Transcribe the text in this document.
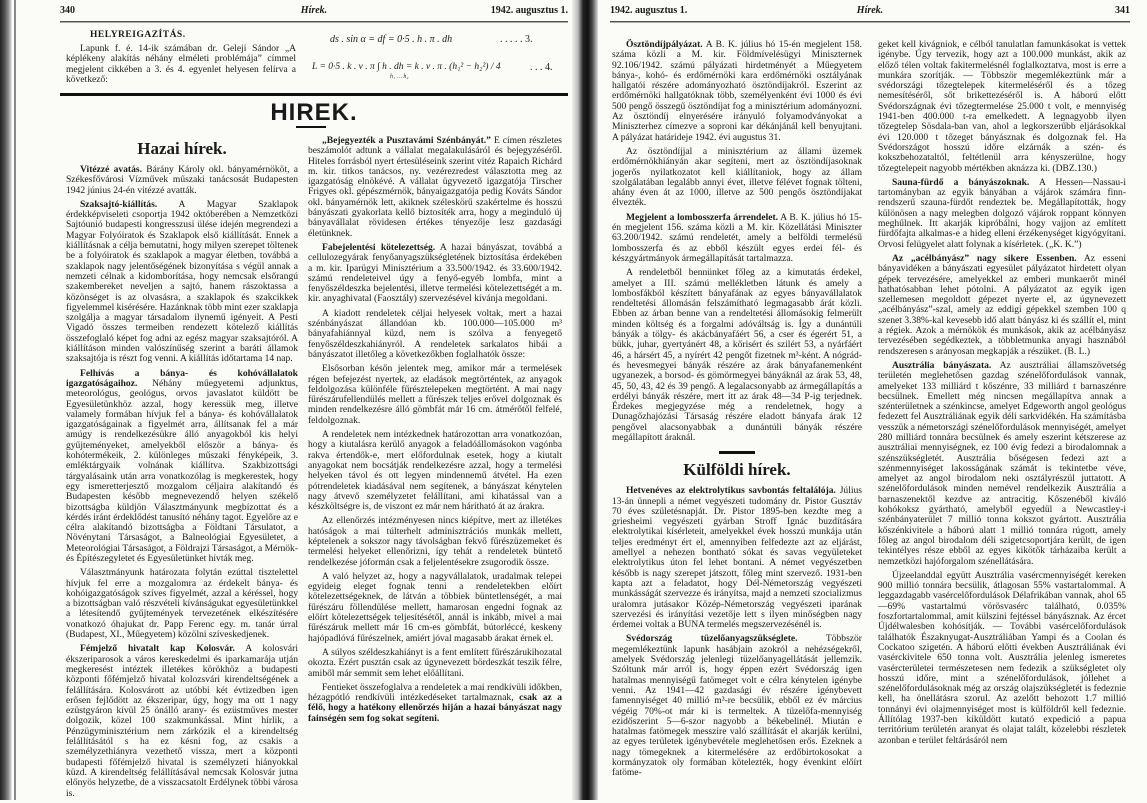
340	Hírek.	1942. augusztus 1.
HELYREIGAZÍTÁS.
Lapunk f. é. 14-ik számában dr. Geleji Sándor „A képlékeny alakítás néhány elméleti problémája” címmel megjelent cikkében a 3. és 4. egyenlet helyesen felírva a következő:
ds . sin α = df = 0·5 . h . π . dh	. . . . . 3.
L = 0·5 . k . v . π ∫ h . dh = k . v . π . (h₁² − h₂²) / 4
h₁ … h₂
. . . 4.
HIREK.
Hazai hírek.

Vitézzé avatás. Bárány Károly okl. bányamérnököt, a Székesfővárosi Vízművek műszaki tanácsosát Budapesten 1942 június 24-én vitézzé avatták.

Szaksajtó-kiállítás. A Magyar Szaklapok érdekképviseleti csoportja 1942 októberében a Nemzetközi Sajtóunió budapesti kongresszusi ülése idején megrendezi a Magyar Folyóiratok és Szaklapok első kiállítását. Ennek a kiállításnak a célja bemutatni, hogy milyen szerepet töltenek be a folyóiratok és szaklapok a magyar életben, továbbá a szaklapok nagy jelentőségének bizonyítása s végül annak a nemzeti célnak a kidomborítása, hogy nemcsak elsőrangú szakembereket neveljen a sajtó, hanem rászoktassa a közönséget is az olvasásra, a szaklapok és szakcikkek figyelemmel kisérésére. Hazánknak több mint ezer szaklapja szolgálja a magyar társadalom ilynemű igényeit. A Pesti Vigadó összes termeiben rendezett kötelező kiállítás összefoglaló képet fog adni az egész magyar szaksajtóról. A kiállításon minden valószínűség szerint a baráti államok szaksajtója is részt fog venni. A kiállítás időtartama 14 nap.

Felhívás a bánya- és kohóvállalatok igazgatóságaihoz. Néhány műegyetemi adjunktus, meteorológus, geológus, orvos javaslatot küldött be Egyesületünkhöz azzal, hogy keressük meg, illetve valamely formában hívjuk fel a bánya- és kohóvállalatok igazgatóságainak a figyelmét arra, állítsanak fel a már amúgy is rendelkezésükre álló anyagokból kis helyi gyűjteményeket, amelyekből először a bánya- és kohótermékeik, 2. különleges műszaki fényképeik, 3. emléktárgyaik volnának kiállítva. Szakbizottsági tárgyalásaink után arra vonatkozólag is megkerestek, hogy egy ismeretterjesztő mozgalom céljaira alakítandó és Budapesten később megnevezendő helyen székelő bizottságba küldjön Választmányunk megbízottat és a kérdés iránt érdeklődést tanusító néhány tagot. Egyelőre az e célra alakítandó bizottságba a Földtani Társulatot, a Növénytani Társaságot, a Balneológiai Egyesületet, a Meteorológiai Társaságot, a Földrajzi Társaságot, a Mérnök- és Építészegyletet és Egyesületünket hívták meg.

Választmányunk határozata folytán ezúttal tisztelettel hívjuk fel erre a mozgalomra az érdekelt bánya- és kohóigazgatóságok szíves figyelmét, azzal a kéréssel, hogy a bizottságban való részvételi kívánságukat egyesületünkkel a létesítendő gyűjtemények tervezetének elkészítésére vonatkozó óhajukat dr. Papp Ferenc egy. m. tanár úrral (Budapest, XI., Műegyetem) közölni szíveskedjenek.

Fémjelző hivatalt kap Kolosvár. A kolosvári ékszeriparosok a város kereskedelmi és iparkamarája utján megkeresést intéztek illetékes körökhöz a budapesti központi főfémjelző hivatal kolozsvári kirendeltségének a felállítására. Kolosvárott az utóbbi két évtizedben igen erősen fejlődött az ékszeripar, úgy, hogy ma ott 1 nagy ezüstgyáron kívül 25 önálló arany- és ezüstműves mester dolgozik, közel 100 szakmunkással. Mint hírlik, a Pénzügyminisztérium nem zárkózik el a kirendeltség felállításától s ha ez késni fog, az csakis a személyzethiányra vezethető vissza, mert a központi budapesti főfémjelző hivatal is személyzeti hiányokkal küzd. A kirendeltség felállításával nemcsak Kolosvár jutna előnyös helyzetbe, de a visszacsatolt Erdélynek többi városa is.

„Bejegyezték a Pusztavámi Szénbányát.” E címen részletes beszámolót adtunk a vállalat megalakulásáról és bejegyzéséről. Hiteles forrásból nyert értesüléseink szerint vitéz Rapaich Richárd m. kir. titkos tanácsos, ny. vezérezredest választotta meg az igazgatóság elnökévé. A vállalat ügyvezető igazgatója Tirscher Frigyes okl. gépészmérnök, bányaigazgatója pedig Kováts Sándor okl. bányamérnök lett, akiknek széleskörű szakértelme és hosszú bányászati gyakorlata kellő biztosíték arra, hogy a meginduló új bányavállalat rövidesen értékes tényezője lesz gazdasági életünknek.

Fabejelentési kötelezettség. A hazai bányászat, továbbá a cellulozegyárak fenyőanyagszükségletének biztosítása érdekében a m. kir. Iparügyi Minisztérium a 33.500/1942. és 33.600/1942. számú rendeleteivel úgy a fenyő-egyéb lombfa, mint a fenyőszéldeszka bejelentési, illetve termelési kötelezettségét a m. kir. anyaghivatal (Faosztály) szervezésével kívánja megoldani.

A kiadott rendeletek céljai helyesek voltak, mert a hazai szénbányászat állandóan kb. 100.000—105.000 m³ bányafahiánnyal küzd, nem is szólva a fenyegető fenyőszéldeszkahiányról. A rendeletek sarkalatos hibái a bányászatot illetőleg a következőkben foglalhatók össze:

Elsősorban későn jelentek meg, amikor már a termelések régen befejezést nyertek, az eladások megtörténtek, az anyagok feldolgozása különféle fűrésztelepeken megtörtént. A mai nagy fűrészárufellendülés mellett a fűrészek teljes erővel dolgoznak és minden rendelkezésre álló gömbfát már 16 cm. átmérőtől felfelé, feldolgoznak.

A rendeletek nem intézkednek határozottan arra vonatkozóan, hogy a kiutalásra kerülő anyagok a feladóállomásokon vagónba rakva értendők-e, mert előfordulnak esetek, hogy a kiutalt anyagokat nem bocsátják rendelkezésre azzal, hogy a termelési helyeken távol és ott legyen mindennemű átvétel. Ha ezen pótrendeletek kiadásával nem segítenek, a bányászat kénytelen nagy átvevő személyzetet felállítani, ami kihatással van a készköltségre is, de viszont ez már nem hárítható át az árakra.

Az ellenőrzés intézményesen nincs kiépítve, mert az illetékes hatóságok a mai túlterhelt adminisztrációs munkák mellett, képtelenek a sokszor nagy távolságban fekvő fűrészüzemeket és termelési helyeket ellenőrizni, így tehát a rendeletek büntető rendelkezése jóformán csak a feljelentésekre zsugorodik össze.

A való helyzet az, hogy a nagyvállalatok, uradalmak telepei egyideig eleget fognak tenni a rendeletekben előírt kötelezettségeknek, de látván a többiek büntetlenségét, a mai fűrészáru föllendülése mellett, hamarosan engedni fognak az előírt kötelezettségek teljesítésétől, annál is inkább, mivel a mai fűrészáruk mellett már 16 cm-es gömbfát, bútorléccé, keskeny hajópadlóvá fűrészelnek, amiért jóval magasabb árakat érnek el.

A súlyos széldeszkahiányt is a fent említett fűrészárukihozatal okozta. Ezért pusztán csak az úgynevezett bördeszkát teszik félre, amiből már semmit sem lehet előállítani.

Fentieket összefoglalva a rendeletek a mai rendkívüli időkben, hézagpótló rendkívüli intézkedéseket tartalmaznak, csak az a félő, hogy a hatékony ellenőrzés hiján a hazai bányászat nagy fainségén sem fog sokat segíteni.

1942. augusztus 1.	Hírek.	341

Ösztöndíjpályázat. A B. K. július hó 15-én megjelent 158. száma közli a M. kir. Földmívelésügyi Miniszternek 92.106/1942. számú pályázati hirdetményét a Műegyetem bánya-, kohó- és erdőmérnöki kara erdőmérnöki osztályának hallgatói részére adományozható ösztöndíjakról. Eszerint az erdőmérnöki hallgatóknak több, személyenként évi 1000 és évi 500 pengő összegű ösztöndíjat fog a minisztérium adományozni. Az ösztöndíj elnyerésére irányuló folyamodványokat a Miniszterhez címezve a soproni kar dékánjánál kell benyujtani. A pályázat határideje 1942. évi augustus 31.

Az ösztöndíjjal a minisztérium az állami üzemek erdőmérnökhiányán akar segíteni, mert az ösztöndíjasoknak jogerős nyilatkozatot kell kiállítaniok, hogy az állam szolgálatában legalább annyi évet, illetve félévet fognak tölteni, ahány éven át az 1000, illetve az 500 pengős ösztöndíjakat élvezték.

Megjelent a lombosszerfa árrendelet. A B. K. július hó 15-én megjelent 156. száma közli a M. kir. Közellátási Miniszter 63.200/1942. számú rendeletét, amely a belföldi termelésű lombosszerfa és az ebből készült egyes erdei fél- és készgyártmányok ármegállapítását tartalmazza.

A rendeletből bennünket főleg az a kimutatás érdekel, amelyet a III. számú mellékletben látunk és amely a lombosfákból készített bányafának az egyes bányavállalatok rendeltetési állomásán felszámítható legmagasabb árát közli. Ebben az árban benne van a rendeltetési állomásokig felmerült minden költség és a forgalmi adóváltság is. Így a dunántúli bányák a tölgy- és akácbányafáért 56, a cser és égerért 51, a bükk, juhar, gyertyánért 48, a kőrisért és szilért 53, a nyárfáért 46, a hársért 45, a nyírért 42 pengőt fizetnek m³-ként. A nógrád- és hevesmegyei bányák részére az árak bányafanemenként ugyanezek, a borsod- és gömörmegyei bányáknál az árak 53, 48, 45, 50, 43, 42 és 39 pengő. A legalacsonyabb az ármegállapítás a erdélyi bányák részére, mert itt az árak 48—34 P-ig terjednek. Érdekes megjegyzése még a rendeletnek, hogy a Dunagőzhajózási Társaság részére eladott bányafa árak 12 pengővel alacsonyabbak a dunántúli bányák részére megállapított áraknál.

Külföldi hírek.

Hetvenéves az elektrolytikus savbontás feltalálója. Július 13-án ünnepli a német vegyészeti tudomány dr. Pistor Gusztáv 70 éves születésnapját. Dr. Pistor 1895-ben kezdte meg a griesheimi vegyészeti gyárban Stroff Ignác buzdítására elektrolytikai kísérleteit, amelyekkel évek hosszú munkája után teljes eredményt ért el, amennyiben felfedezte azt az eljárást, amellyel a nehezen bontható sókat és savas vegyületeket elektrolytikus úton fel lehet bontani. A német vegyészetben később is nagy szerepet játszott, főleg mint szervező. 1931-ben kapta azt a feladatot, hogy Dél-Németország vegyészeti munkásságát szervezze és irányítsa, majd a nemzeti szocializmus uralomra jutásakor Közép-Németország vegyészeti iparának szervezési és irányítási vezetője lett s ilyen minőségben nagy érdemei voltak a BUNA termelés megszervezésénél is.

Svédország tüzelőanyagszükséglete. Többször megemlékeztünk lapunk hasábjain azokról a nehézségekről, amelyek Svédország jelenlegi tüzelőanyagellátását jellemzik. Szóltunk már arról is, hogy éppen ezért Svédország igen hatalmas mennyiségű fatömeget volt e célra kénytelen igénybe venni. Az 1941—42 gazdasági év részére igénybevett famennyiséget 40 millió m³-re becsülik, ebből ez év március végéig 70%-ot már ki is termeltek. A tüzelőfa-mennyiség ezidőszerint 5—6-szor nagyobb a békebelinél. Miután e hatalmas fatömegek messzire való szállítását el akarják kerülni, az egyes területek igénybevétele meglehetősen erős. Ezeknek a nagy tömegeknek a kitermelésére az erdőbirtokosokat a kormányzatok oly formában kötelezték, hogy évenkint előírt fatöme-

geket kell kivágniok, e célból tanulatlan famunkásokat is vettek igénybe. Úgy tervezik, hogy azt a 100.000 munkást, akik az előző télen voltak fakitermelésnél foglalkoztatva, most is erre a munkára szorítják. — Többször megemlékeztünk már a svédországi tőzegtelepek kitermeléséről és a tőzeg nemesítéséről, sőt brikettezéséről is. A háború előtt Svédországnak évi tőzegtermelése 25.000 t volt, e mennyiség 1941-ben 400.000 t-ra emelkedett. A legnagyobb ilyen tőzegtelep Sösdala-ban van, ahol a legkorszerűbb eljárásokkal évi 120.000 t tőzeget bányásznak és dolgoznak fel. Ha Svédországot hosszú időre elzárnák a szén- és kokszbehozataltól, feltétlenül arra kényszerülne, hogy tőzegtelepeit nagyobb mértékben aknázza ki. (DBZ.130.)

Sauna-fürdő a bányászoknak. A Hessen—Nassau-i tartományban az egyik bányában a vájárok számára finn-rendszerű szauna-fürdőt rendeztek be. Megállapították, hogy különösen a nagy melegben dolgozó vájárok roppant könnyen meghűlnek. Itt akarják kipróbálni, hogy vajjon az említett fürdőfajta alkalmas-e a hideg elleni érzékenységet kigyógyítani. Orvosi felügyelet alatt folynak a kísérletek. („K. K.”)

Az „acélbányász” nagy sikere Essenben. Az esseni bányavidéken a bányászati egyesület pályázatot hirdetett olyan gépek tervezésére, amelyekkel az emberi munkaerőt minél hathatósabban lehet pótolni. A pályázatot az egyik igen szellemesen megoldott gépezet nyerte el, az úgynevezett „acélbányász”-szal, amely az eddigi gépekkel szemben 100 q szenet 3.38%-kal kevesebb idő alatt bányász ki és szállít el, mint a régiek. Azok a mérnökök és munkások, akik az acélbányász tervezésében segédkeztek, a többletmunka anyagi hasznából rendszeresen s arányosan megkapják a részüket. (B. L.)

Ausztrália bányászata. Az ausztráliai államszövetség területén meglehetősen gazdag szénelőfordulások vannak, amelyeket 133 milliárd t kőszénre, 33 milliárd t barnaszénre becsülnek. Emellett még nincsen megállapítva annak a szénterületnek a szénkincse, amelyet Edgeworth angol geológus fedezett fel Ausztráliának egyik déli sarkvidékén. Ha számításba vesszük a németországi szénelőfordulások mennyiségét, amelyet 280 milliárd tonnára becsülnek és amely eszerint kétszerese az ausztráliai mennyiségnek, ez 100 évig fedezi a birodalomnak a szénszükségletét. Ausztrália bőségesen fedezi azt a szénmennyiséget lakosságának számát is tekintetbe véve, amelyet az angol birodalom neki osztályrészül juttatott. A szénelőfordulások minden nemével rendelkezik Ausztrália a barnaszenektől kezdve az antracitig. Kőszenéből kiváló kohókoksz gyártható, amelyből egyedül a Newcastley-i szénbányaterület 7 millió tonna kokszot gyártott. Ausztrália kőszénkivitele a háború alatt 1 millió tonnára rúgott, amely főleg az angol birodalom déli szigetcsoportjára került, de igen tekintélyes része ebből az egyes kikötők tárházaiba került a nemzetközi hajóforgalom szénellátására.

Újzeelanddal együtt Ausztrália vasércmennyiségét kereken 900 millió tonnára becsülik, átlagosan 55% vastartalommal. A leggazdagabb vasércelőfordulások Délafrikában vannak, ahol 65—69% vastartalmú vörösvasérc található, 0.035% foszfortartalommal, amit külszini fejtéssel bányásznak. Az ércet Újdélwalesben kohósítják. — További vasércelőfordulások találhatók Északnyugat-Ausztráliában Yampi és a Coolan és Cockatoo szigetén. A háború előtti években Ausztráliának évi vasérckivitele 650 tonna volt. Ausztrália jelenleg ismeretes vasércterületei természetesen nem fedezik a szükségletet oly hosszú időre, mint a szénelőfordulások, jóllehet a szénelőfordulásoknak még az ország olajszükségletét is fedeznie kell, ha önellátásra szorul. Az azelőtt behozott 1.7 millió tonnányi évi olajmennyiséget most is külföldről kell fedeznie. Állítólag 1937-ben kiküldött kutató expedició a papua territórium területén aranyat és olajat talált, közelebbi részletek azonban e terület feltárásáról nem
